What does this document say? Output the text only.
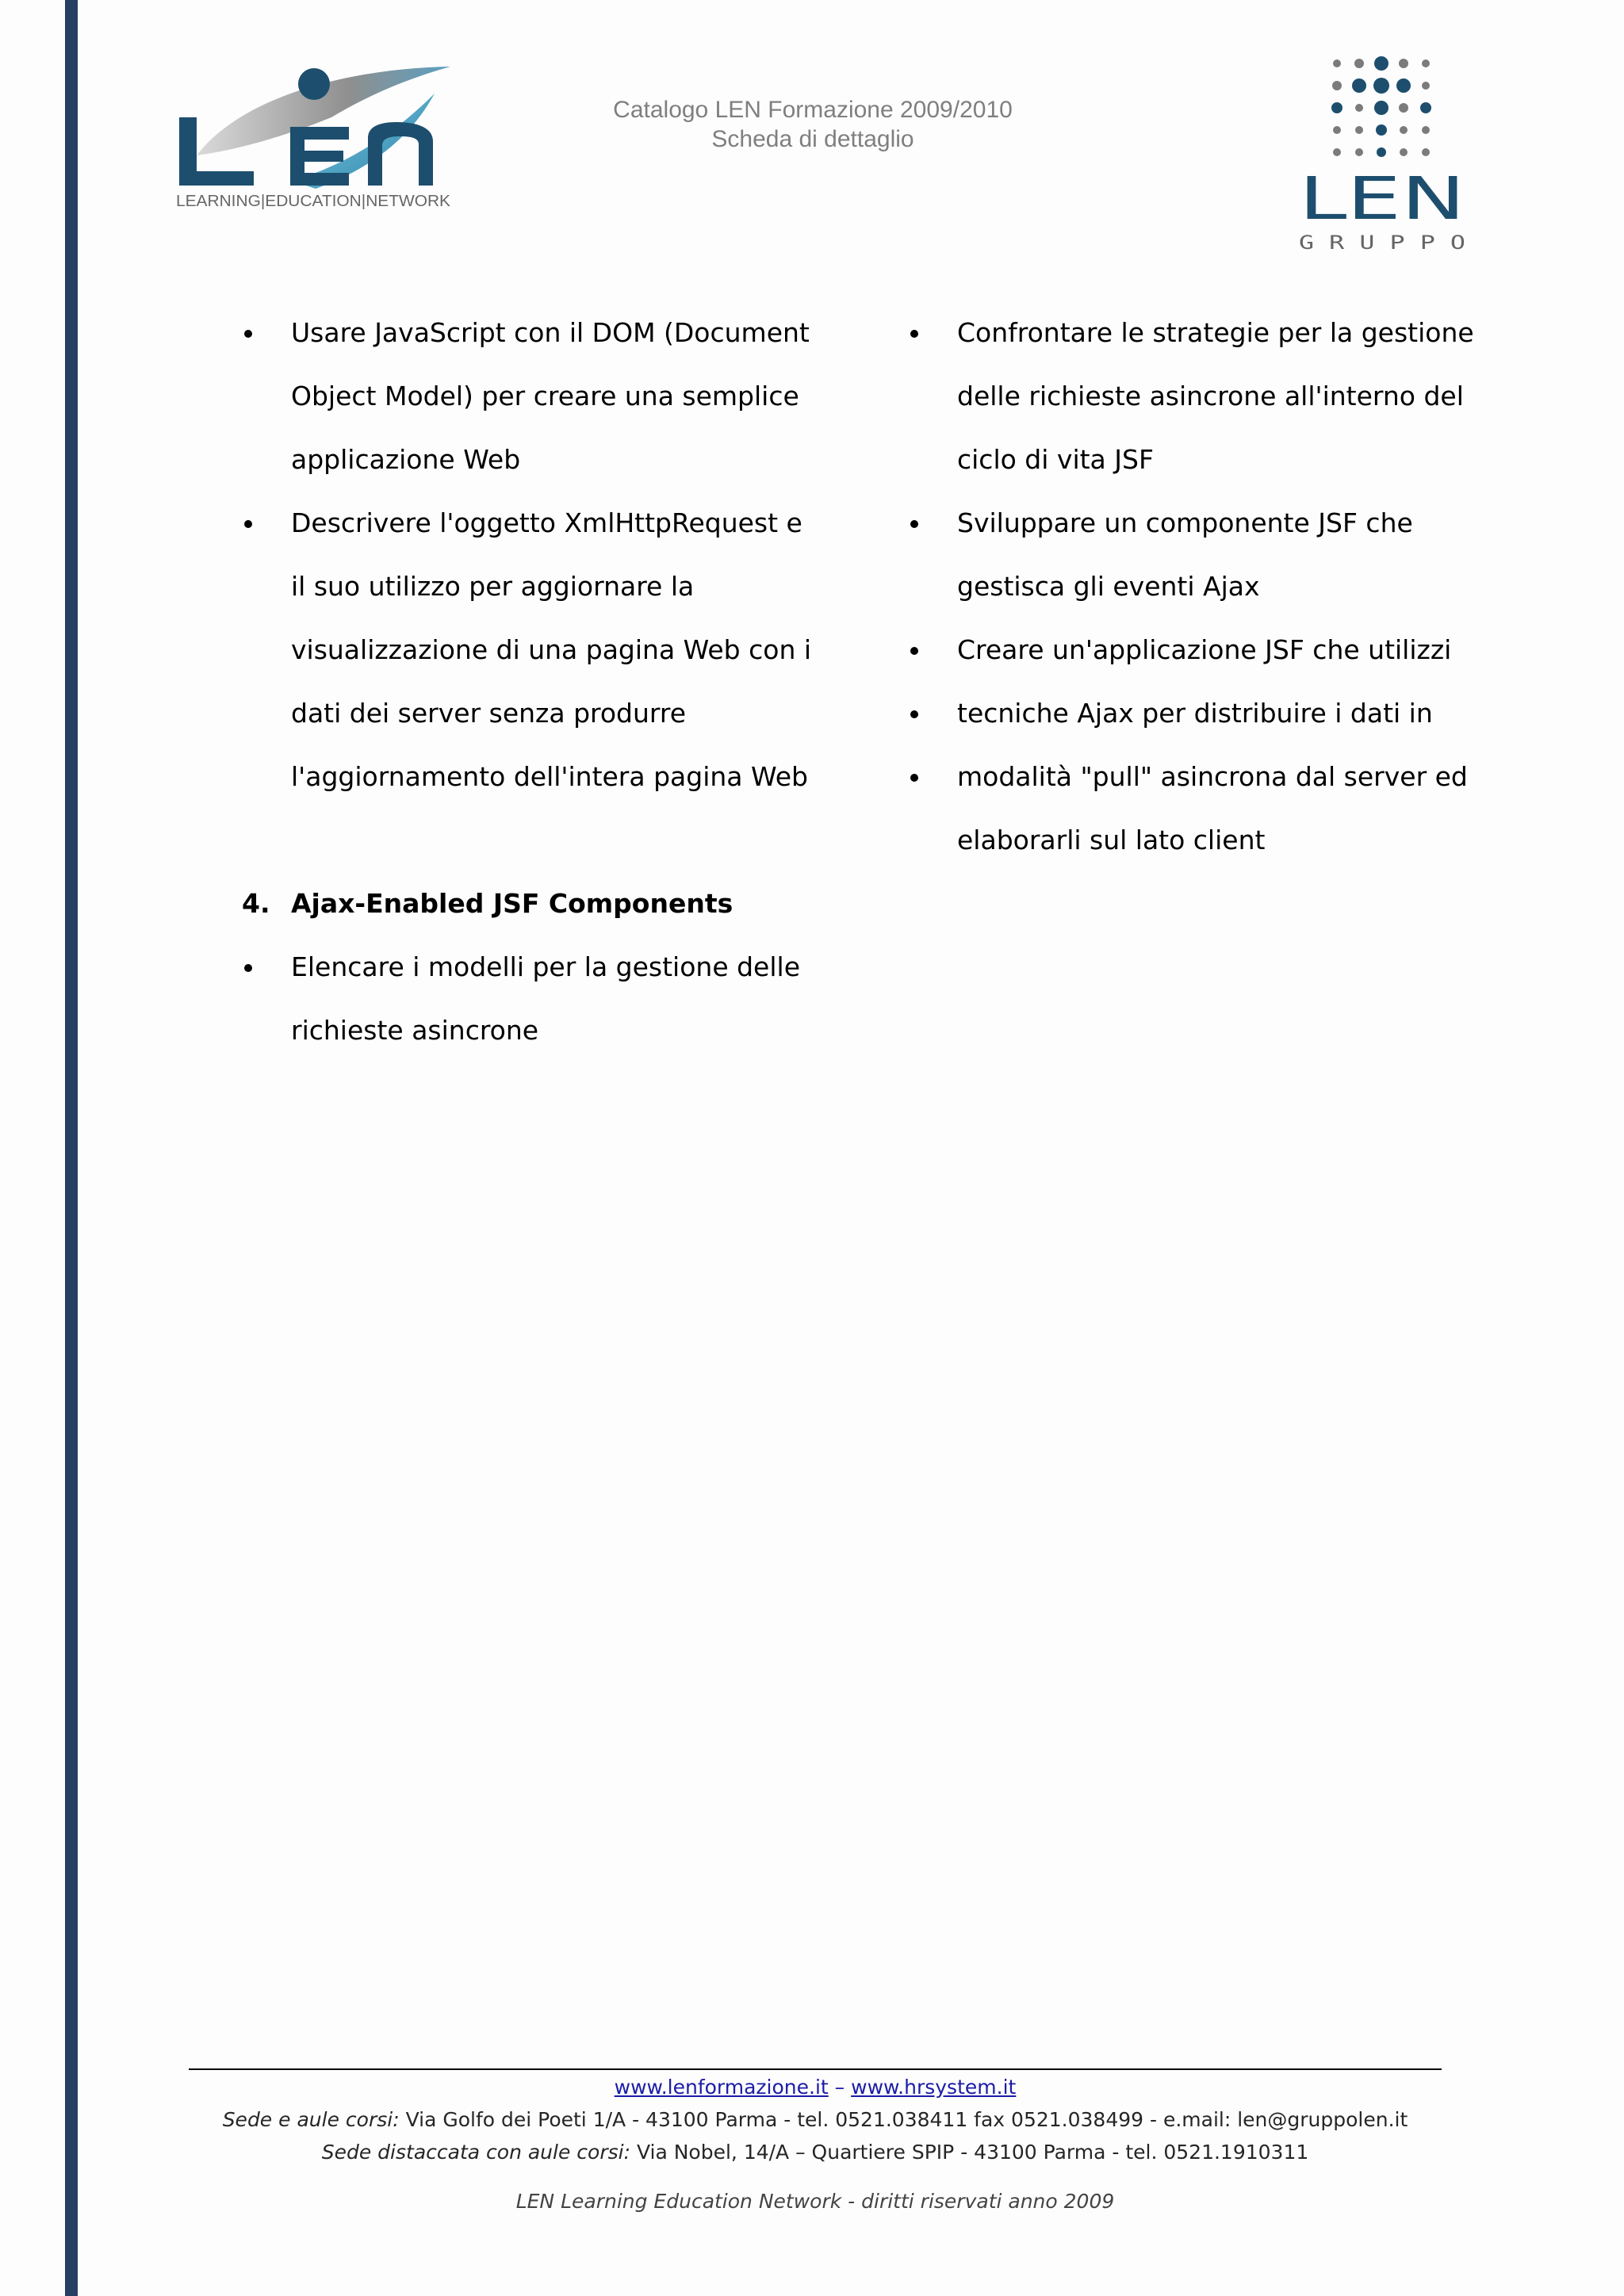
LEARNING|EDUCATION|NETWORK
Catalogo LEN Formazione 2009/2010
Scheda di dettaglio
LEN
G R U P P O
Usare JavaScript con il DOM (Document
Object Model) per creare una semplice
applicazione Web
Descrivere l'oggetto XmlHttpRequest e
il suo utilizzo per aggiornare la
visualizzazione di una pagina Web con i
dati dei server senza produrre
l'aggiornamento dell'intera pagina Web
4. Ajax-Enabled JSF Components
Elencare i modelli per la gestione delle
richieste asincrone
Confrontare le strategie per la gestione
delle richieste asincrone all'interno del
ciclo di vita JSF
Sviluppare un componente JSF che
gestisca gli eventi Ajax
Creare un'applicazione JSF che utilizzi
tecniche Ajax per distribuire i dati in
modalità "pull" asincrona dal server ed
elaborarli sul lato client
www.lenformazione.it – www.hrsystem.it
Sede e aule corsi: Via Golfo dei Poeti 1/A - 43100 Parma - tel. 0521.038411 fax 0521.038499 - e.mail: len@gruppolen.it
Sede distaccata con aule corsi: Via Nobel, 14/A – Quartiere SPIP - 43100 Parma - tel. 0521.1910311
LEN Learning Education Network - diritti riservati anno 2009
